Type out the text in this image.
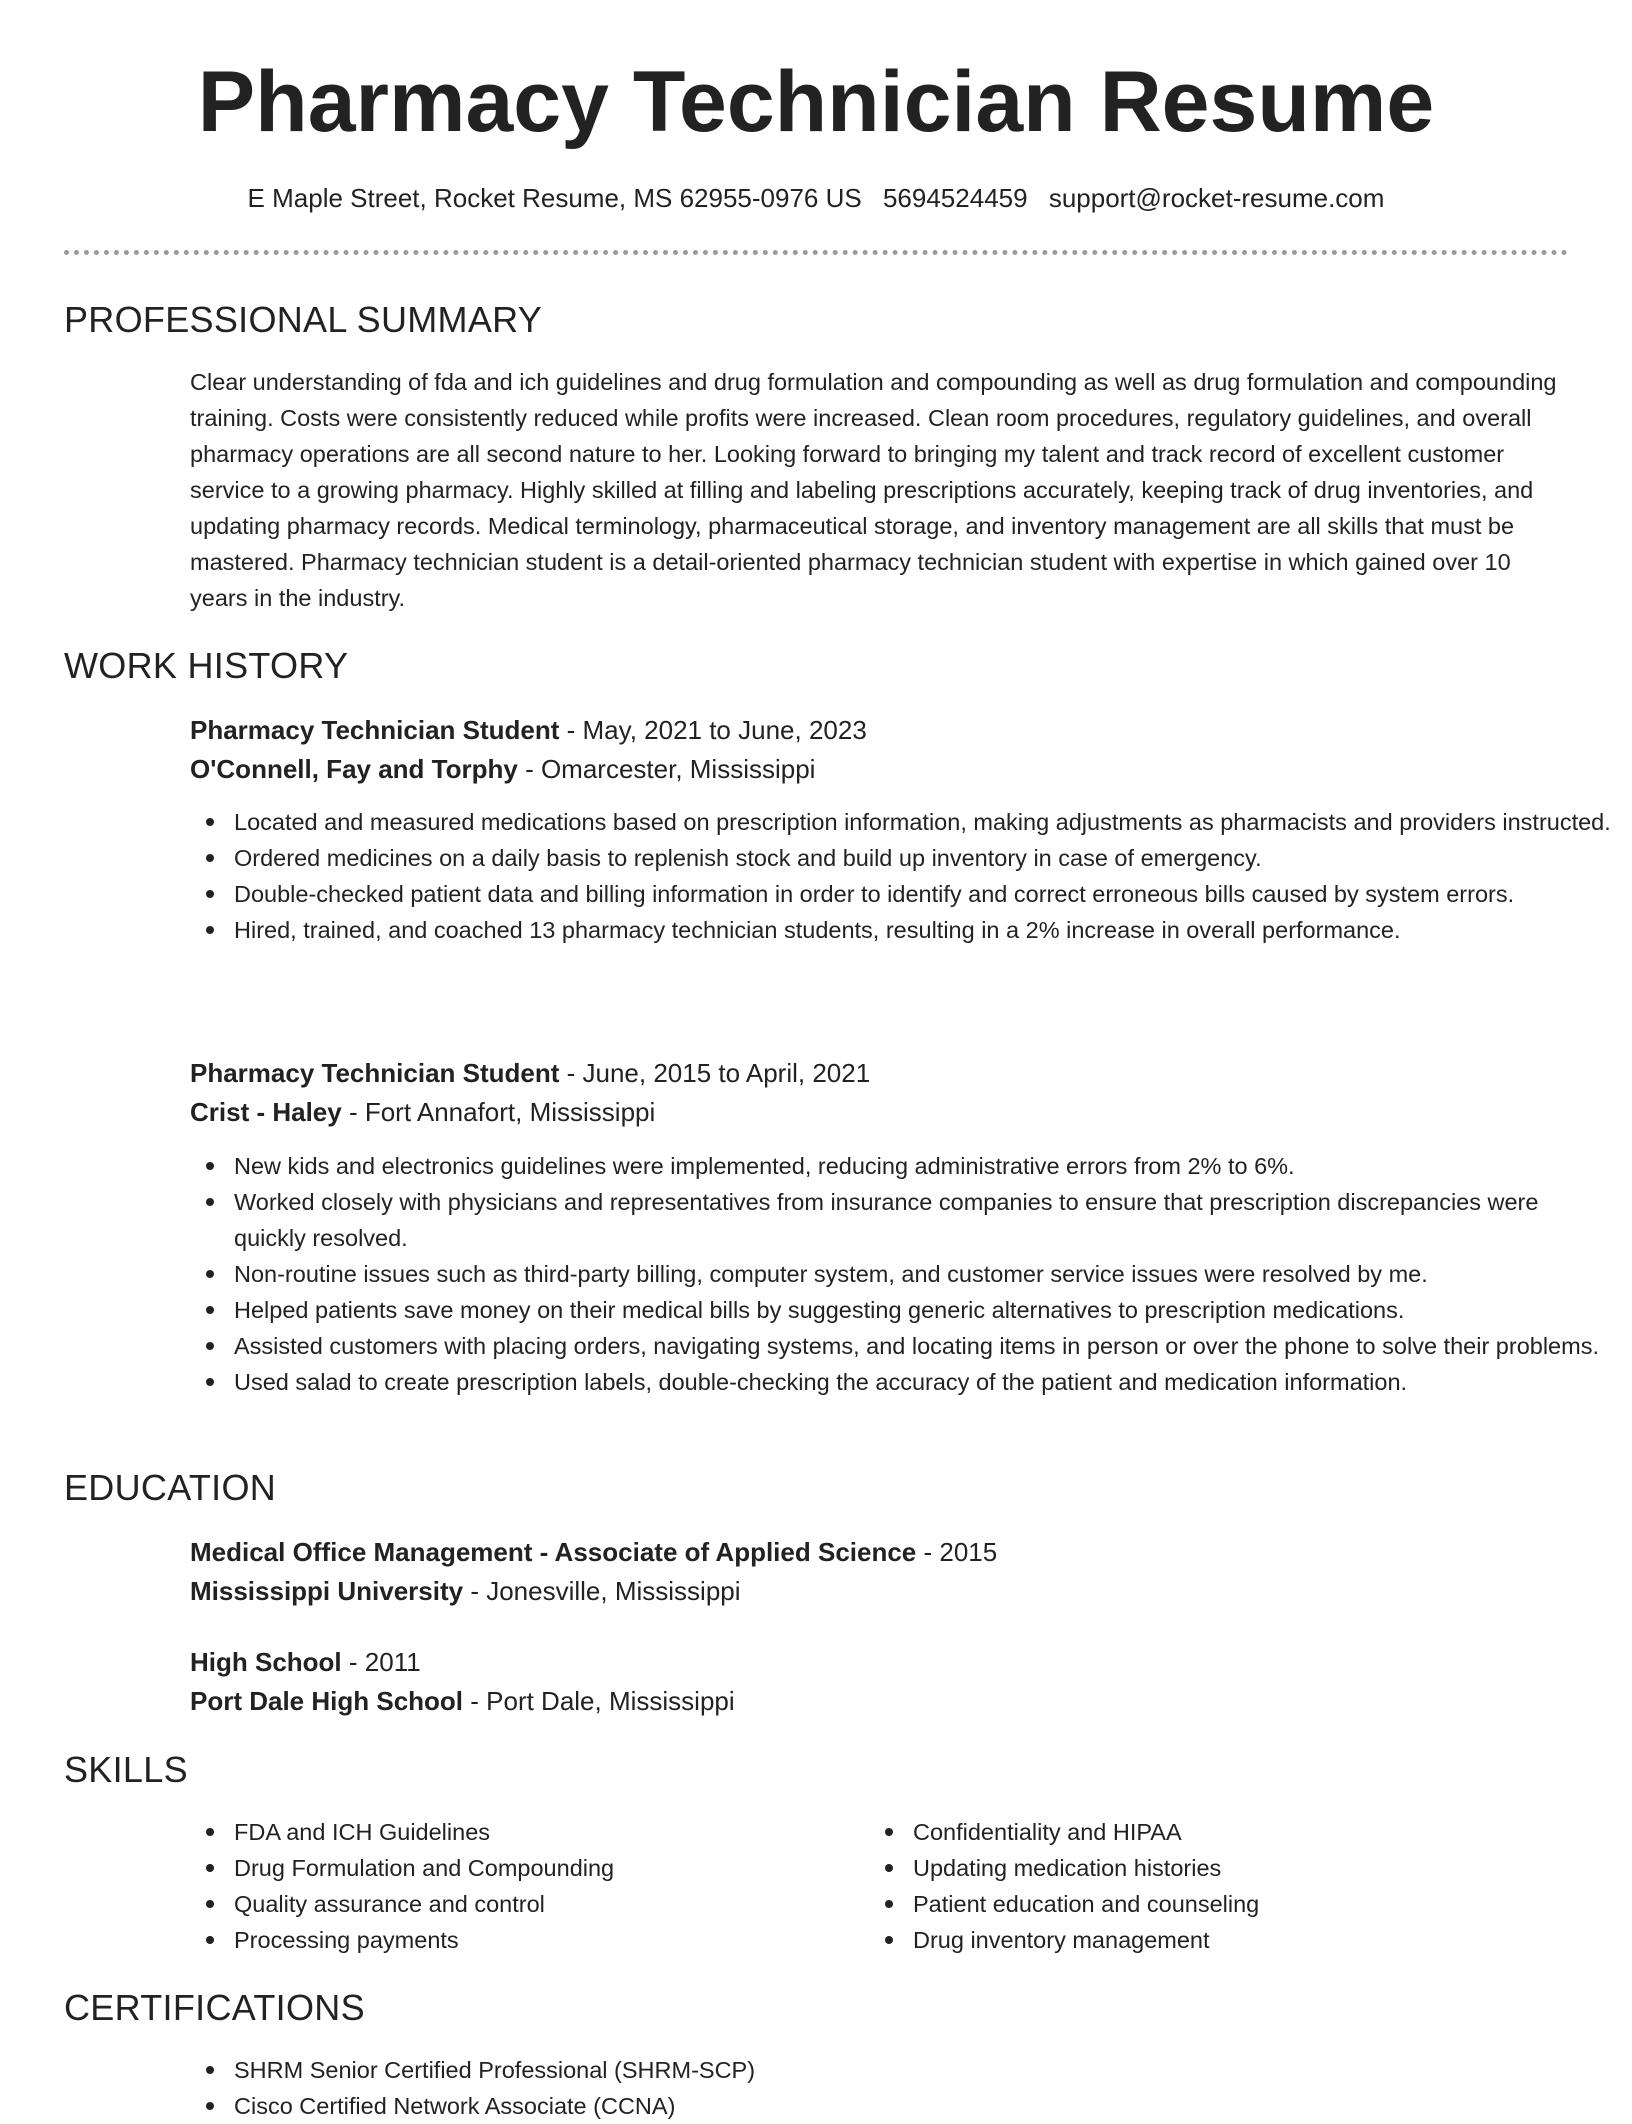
Pharmacy Technician Resume
E Maple Street, Rocket Resume, MS 62955-0976 US 5694524459 support@rocket-resume.com
PROFESSIONAL SUMMARY

Clear understanding of fda and ich guidelines and drug formulation and compounding as well as drug formulation and compounding training. Costs were consistently reduced while profits were increased. Clean room procedures, regulatory guidelines, and overall pharmacy operations are all second nature to her. Looking forward to bringing my talent and track record of excellent customer service to a growing pharmacy. Highly skilled at filling and labeling prescriptions accurately, keeping track of drug inventories, and updating pharmacy records. Medical terminology, pharmaceutical storage, and inventory management are all skills that must be mastered. Pharmacy technician student is a detail-oriented pharmacy technician student with expertise in which gained over 10 years in the industry.

WORK HISTORY
Pharmacy Technician Student - May, 2021 to June, 2023
O'Connell, Fay and Torphy - Omarcester, Mississippi
Located and measured medications based on prescription information, making adjustments as pharmacists and providers instructed.
Ordered medicines on a daily basis to replenish stock and build up inventory in case of emergency.
Double-checked patient data and billing information in order to identify and correct erroneous bills caused by system errors.
Hired, trained, and coached 13 pharmacy technician students, resulting in a 2% increase in overall performance.
Pharmacy Technician Student - June, 2015 to April, 2021
Crist - Haley - Fort Annafort, Mississippi
New kids and electronics guidelines were implemented, reducing administrative errors from 2% to 6%.
Worked closely with physicians and representatives from insurance companies to ensure that prescription discrepancies were quickly resolved.
Non-routine issues such as third-party billing, computer system, and customer service issues were resolved by me.
Helped patients save money on their medical bills by suggesting generic alternatives to prescription medications.
Assisted customers with placing orders, navigating systems, and locating items in person or over the phone to solve their problems.
Used salad to create prescription labels, double-checking the accuracy of the patient and medication information.
EDUCATION
Medical Office Management - Associate of Applied Science - 2015
Mississippi University - Jonesville, Mississippi
High School - 2011
Port Dale High School - Port Dale, Mississippi
SKILLS
FDA and ICH Guidelines
Drug Formulation and Compounding
Quality assurance and control
Processing payments
Confidentiality and HIPAA
Updating medication histories
Patient education and counseling
Drug inventory management
CERTIFICATIONS
SHRM Senior Certified Professional (SHRM-SCP)
Cisco Certified Network Associate (CCNA)
